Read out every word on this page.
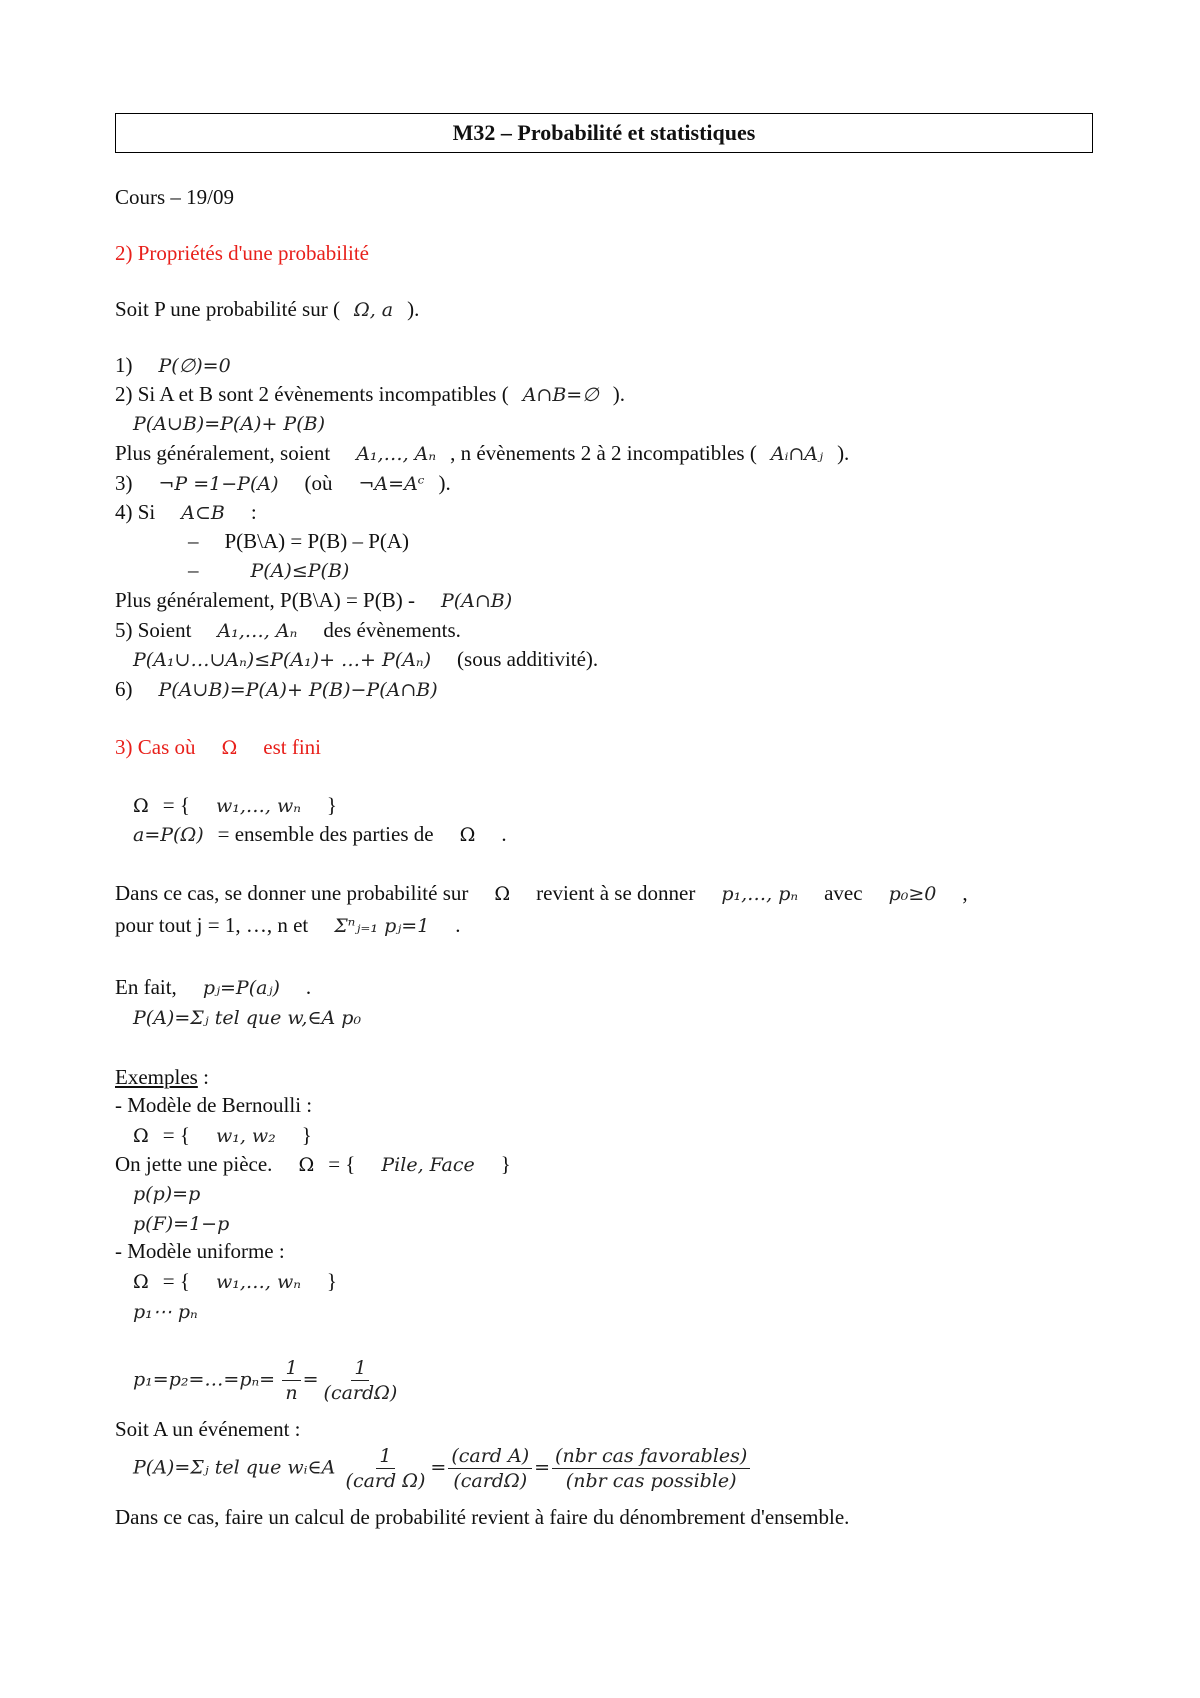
M32 – Probabilité et statistiques
Cours – 19/09
2) Propriétés d'une probabilité
Soit P une probabilité sur ( Ω, a ).
1) P(∅)=0
2) Si A et B sont 2 évènements incompatibles ( A∩B=∅ ).
P(A∪B)=P(A)+ P(B)
Plus généralement, soient A₁,…, Aₙ , n évènements 2 à 2 incompatibles ( Aᵢ∩Aⱼ ).
3) ¬P =1−P(A) (où ¬A=Aᶜ ).
4) Si A⊂B :
– P(B\A) = P(B) – P(A)
–	P(A)≤P(B)
Plus généralement, P(B\A) = P(B) - P(A∩B)
5) Soient A₁,…, Aₙ des évènements.
P(A₁∪…∪Aₙ)≤P(A₁)+ …+ P(Aₙ) (sous additivité).
6) P(A∪B)=P(A)+ P(B)−P(A∩B)
3) Cas où Ω est fini
Ω = { w₁,…, wₙ }
a=P(Ω) = ensemble des parties de Ω .
Dans ce cas, se donner une probabilité sur Ω revient à se donner p₁,…, pₙ avec p₀≥0 ,
pour tout j = 1, …, n et Σⁿⱼ₌₁ pⱼ=1 .
En fait, pⱼ=P(aⱼ) .
P(A)=Σⱼ tel que w,∈A p₀
Exemples :
- Modèle de Bernoulli :
Ω = { w₁, w₂ }
On jette une pièce. Ω = { Pile, Face }
p(p)=p
p(F)=1−p
- Modèle uniforme :
Ω = { w₁,…, wₙ }
p₁⋯ pₙ
p₁=p₂=…=pₙ= $\frac{1}{n} = \frac{1}{\text{(cardΩ)}}$
Soit A un événement :
P(A)=Σⱼ tel que wᵢ∈A $\frac{1}{\text{(card Ω)}} = \frac{\text{(card A)}}{\text{(cardΩ)}} = \frac{\text{(nbr cas favorables)}}{\text{(nbr cas possible)}}$
Dans ce cas, faire un calcul de probabilité revient à faire du dénombrement d'ensemble.
